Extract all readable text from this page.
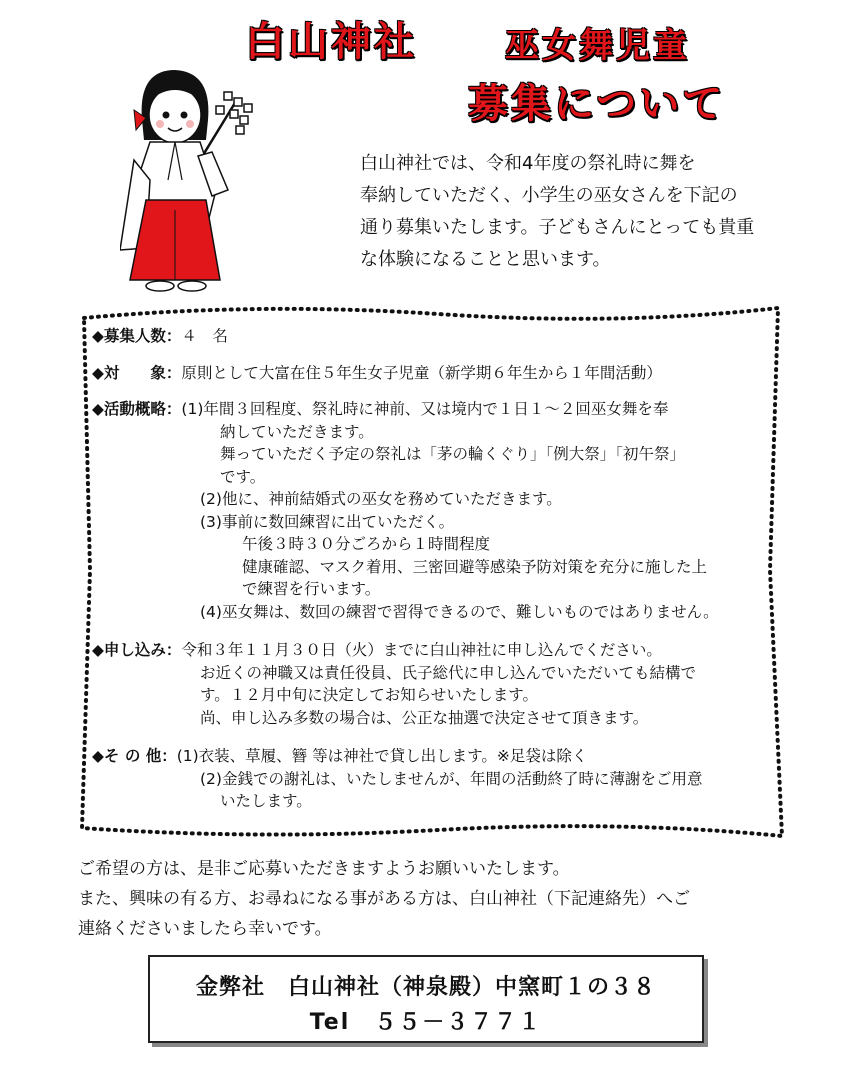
白山神社	巫女舞児童
募集について

白山神社では、令和4年度の祭礼時に舞を

奉納していただく、小学生の巫女さんを下記の

通り募集いたします。子どもさんにとっても貴重

な体験になることと思います。

◆募集人数： ４　名
◆対　　象： 原則として大富在住５年生女子児童（新学期６年生から１年間活動）
◆活動概略： (1)年間３回程度、祭礼時に神前、又は境内で１日１～２回巫女舞を奉
納していただきます。
舞っていただく予定の祭礼は「茅の輪くぐり」「例大祭」「初午祭」
です。
(2)他に、神前結婚式の巫女を務めていただきます。
(3)事前に数回練習に出ていただく。
午後３時３０分ごろから１時間程度
健康確認、マスク着用、三密回避等感染予防対策を充分に施した上
で練習を行います。
(4)巫女舞は、数回の練習で習得できるので、難しいものではありません。
◆申し込み： 令和３年１１月３０日（火）までに白山神社に申し込んでください。
お近くの神職又は責任役員、氏子総代に申し込んでいただいても結構で
す。１２月中旬に決定してお知らせいたします。
尚、申し込み多数の場合は、公正な抽選で決定させて頂きます。
◆そ の 他： (1)衣装、草履、簪 等は神社で貸し出します。※足袋は除く
(2)金銭での謝礼は、いたしませんが、年間の活動終了時に薄謝をご用意
いたします。

ご希望の方は、是非ご応募いただきますようお願いいたします。

また、興味の有る方、お尋ねになる事がある方は、白山神社（下記連絡先）へご

連絡くださいましたら幸いです。

金弊社　白山神社（神泉殿）中窯町１の３８
Tel　５５－３７７１
